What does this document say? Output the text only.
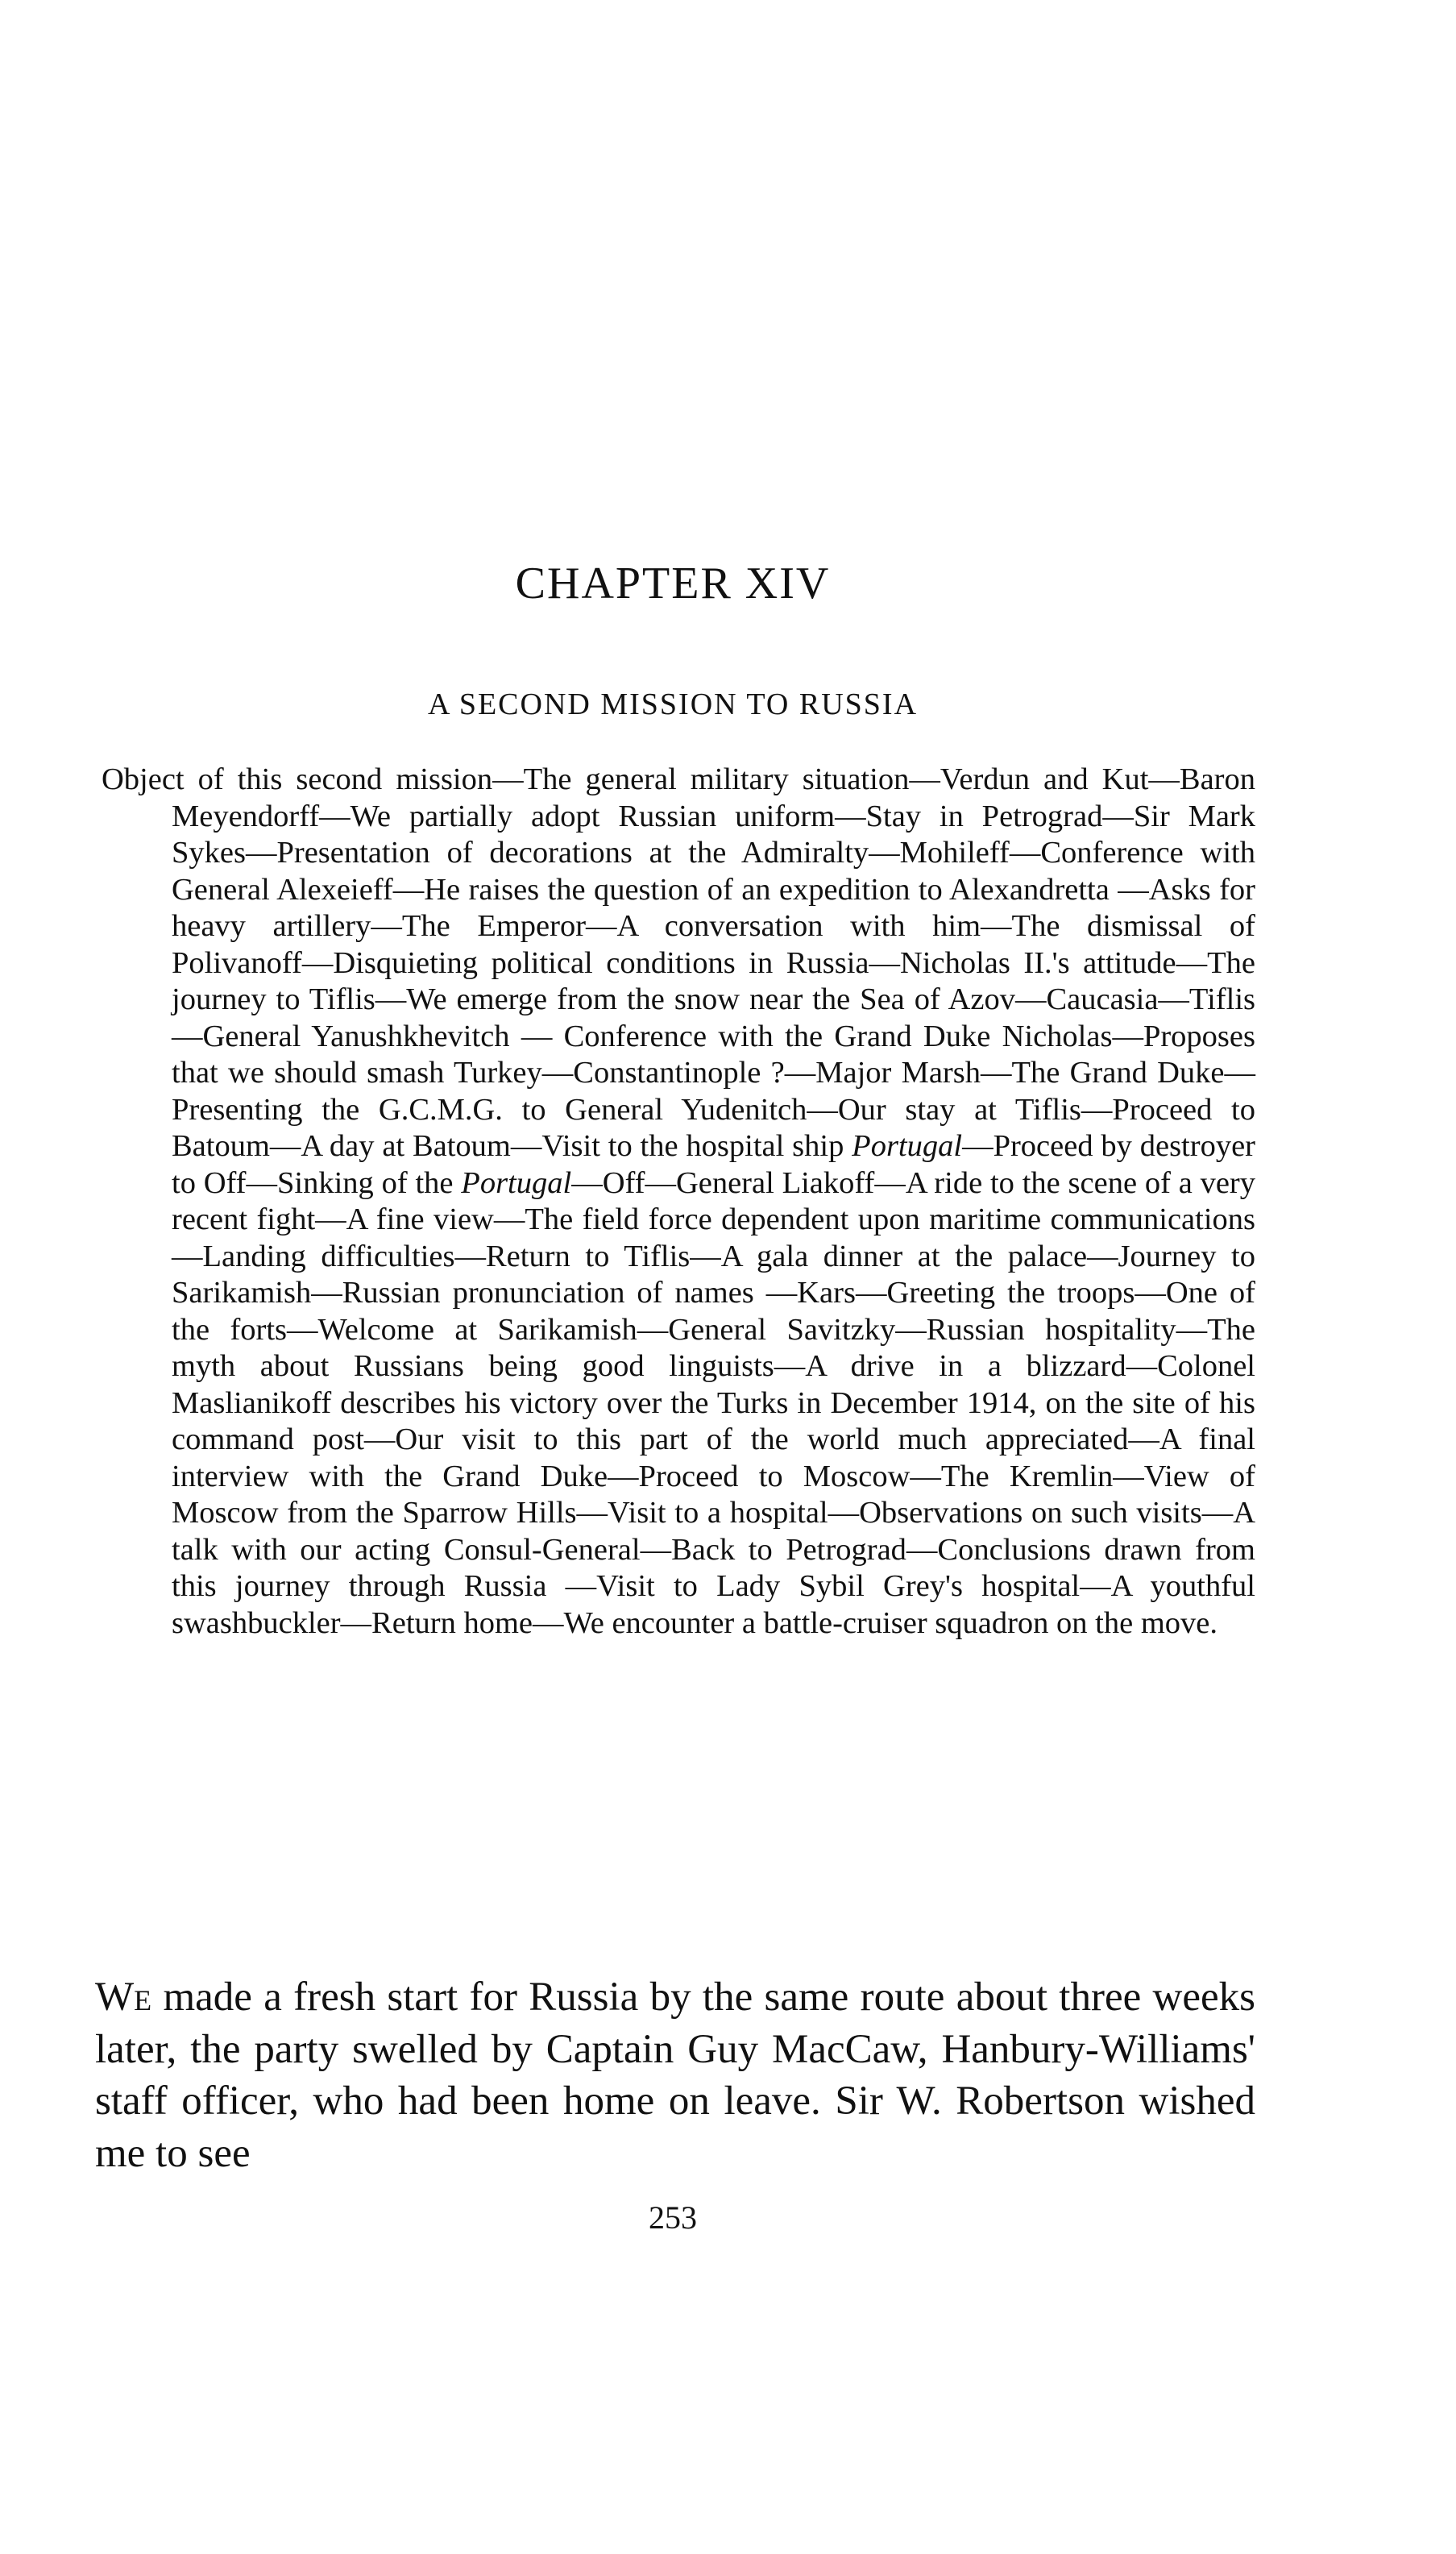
CHAPTER XIV
A SECOND MISSION TO RUSSIA

Object of this second mission—The general military situation—Verdun and Kut—Baron Meyendorff—We partially adopt Russian uniform—Stay in Petrograd—Sir Mark Sykes—Presentation of decorations at the Admiralty—Mohileff—Conference with General Alexeieff—He raises the question of an expedition to Alexandretta —Asks for heavy artillery—The Emperor—A conversation with him—The dismissal of Polivanoff—Disquieting political conditions in Russia—Nicholas II.'s attitude—The journey to Tiflis—We emerge from the snow near the Sea of Azov—Caucasia—Tiflis—General Yanushkhevitch — Conference with the Grand Duke Nicholas—Proposes that we should smash Turkey—Constantinople ?—Major Marsh—The Grand Duke—Presenting the G.C.M.G. to General Yudenitch—Our stay at Tiflis—Proceed to Batoum—A day at Batoum—Visit to the hospital ship Portugal—Proceed by destroyer to Off—Sinking of the Portugal—Off—General Liakoff—A ride to the scene of a very recent fight—A fine view—The field force dependent upon maritime communications—Landing difficulties—Return to Tiflis—A gala dinner at the palace—Journey to Sarikamish—Russian pronunciation of names —Kars—Greeting the troops—One of the forts—Welcome at Sarikamish—General Savitzky—Russian hospitality—The myth about Russians being good linguists—A drive in a blizzard—Colonel Maslianikoff describes his victory over the Turks in December 1914, on the site of his command post—Our visit to this part of the world much appreciated—A final interview with the Grand Duke—Proceed to Moscow—The Kremlin—View of Moscow from the Sparrow Hills—Visit to a hospital—Observations on such visits—A talk with our acting Consul-General—Back to Petrograd—Conclusions drawn from this journey through Russia —Visit to Lady Sybil Grey's hospital—A youthful swashbuckler—Return home—We encounter a battle-cruiser squadron on the move.

We made a fresh start for Russia by the same route about three weeks later, the party swelled by Captain Guy MacCaw, Hanbury-Williams' staff officer, who had been home on leave. Sir W. Robertson wished me to see

253
